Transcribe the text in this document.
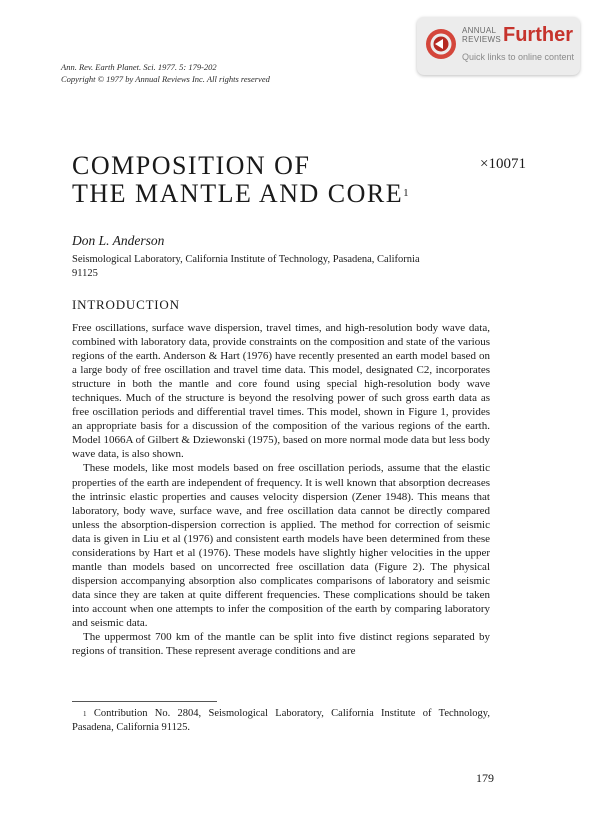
ANNUAL
REVIEWS Further
Quick links to online content
Ann. Rev. Earth Planet. Sci. 1977. 5: 179-202
Copyright © 1977 by Annual Reviews Inc. All rights reserved
COMPOSITION OF
THE MANTLE AND $CORE^1$
×10071
Don L. Anderson
Seismological Laboratory, California Institute of Technology, Pasadena, California 91125
INTRODUCTION

Free oscillations, surface wave dispersion, travel times, and high-resolution body wave data, combined with laboratory data, provide constraints on the composition and state of the various regions of the earth. Anderson & Hart (1976) have recently presented an earth model based on a large body of free oscillation and travel time data. This model, designated C2, incorporates structure in both the mantle and core found using special high-resolution body wave techniques. Much of the structure is beyond the resolving power of such gross earth data as free oscillation periods and differential travel times. This model, shown in Figure 1, provides an appropriate basis for a discussion of the composition of the various regions of the earth. Model 1066A of Gilbert & Dziewonski (1975), based on more normal mode data but less body wave data, is also shown.

These models, like most models based on free oscillation periods, assume that the elastic properties of the earth are independent of frequency. It is well known that absorption decreases the intrinsic elastic properties and causes velocity dispersion (Zener 1948). This means that laboratory, body wave, surface wave, and free oscillation data cannot be directly compared unless the absorption-dispersion correction is applied. The method for correction of seismic data is given in Liu et al (1976) and consistent earth models have been determined from these considerations by Hart et al (1976). These models have slightly higher velocities in the upper mantle than models based on uncorrected free oscillation data (Figure 2). The physical dispersion accompanying absorption also complicates comparisons of laboratory and seismic data since they are taken at quite different frequencies. These complications should be taken into account when one attempts to infer the composition of the earth by comparing laboratory and seismic data.

The uppermost 700 km of the mantle can be split into five distinct regions separated by regions of transition. These represent average conditions and are

$^1$ Contribution No. 2804, Seismological Laboratory, California Institute of Technology, Pasadena, California 91125.
179
